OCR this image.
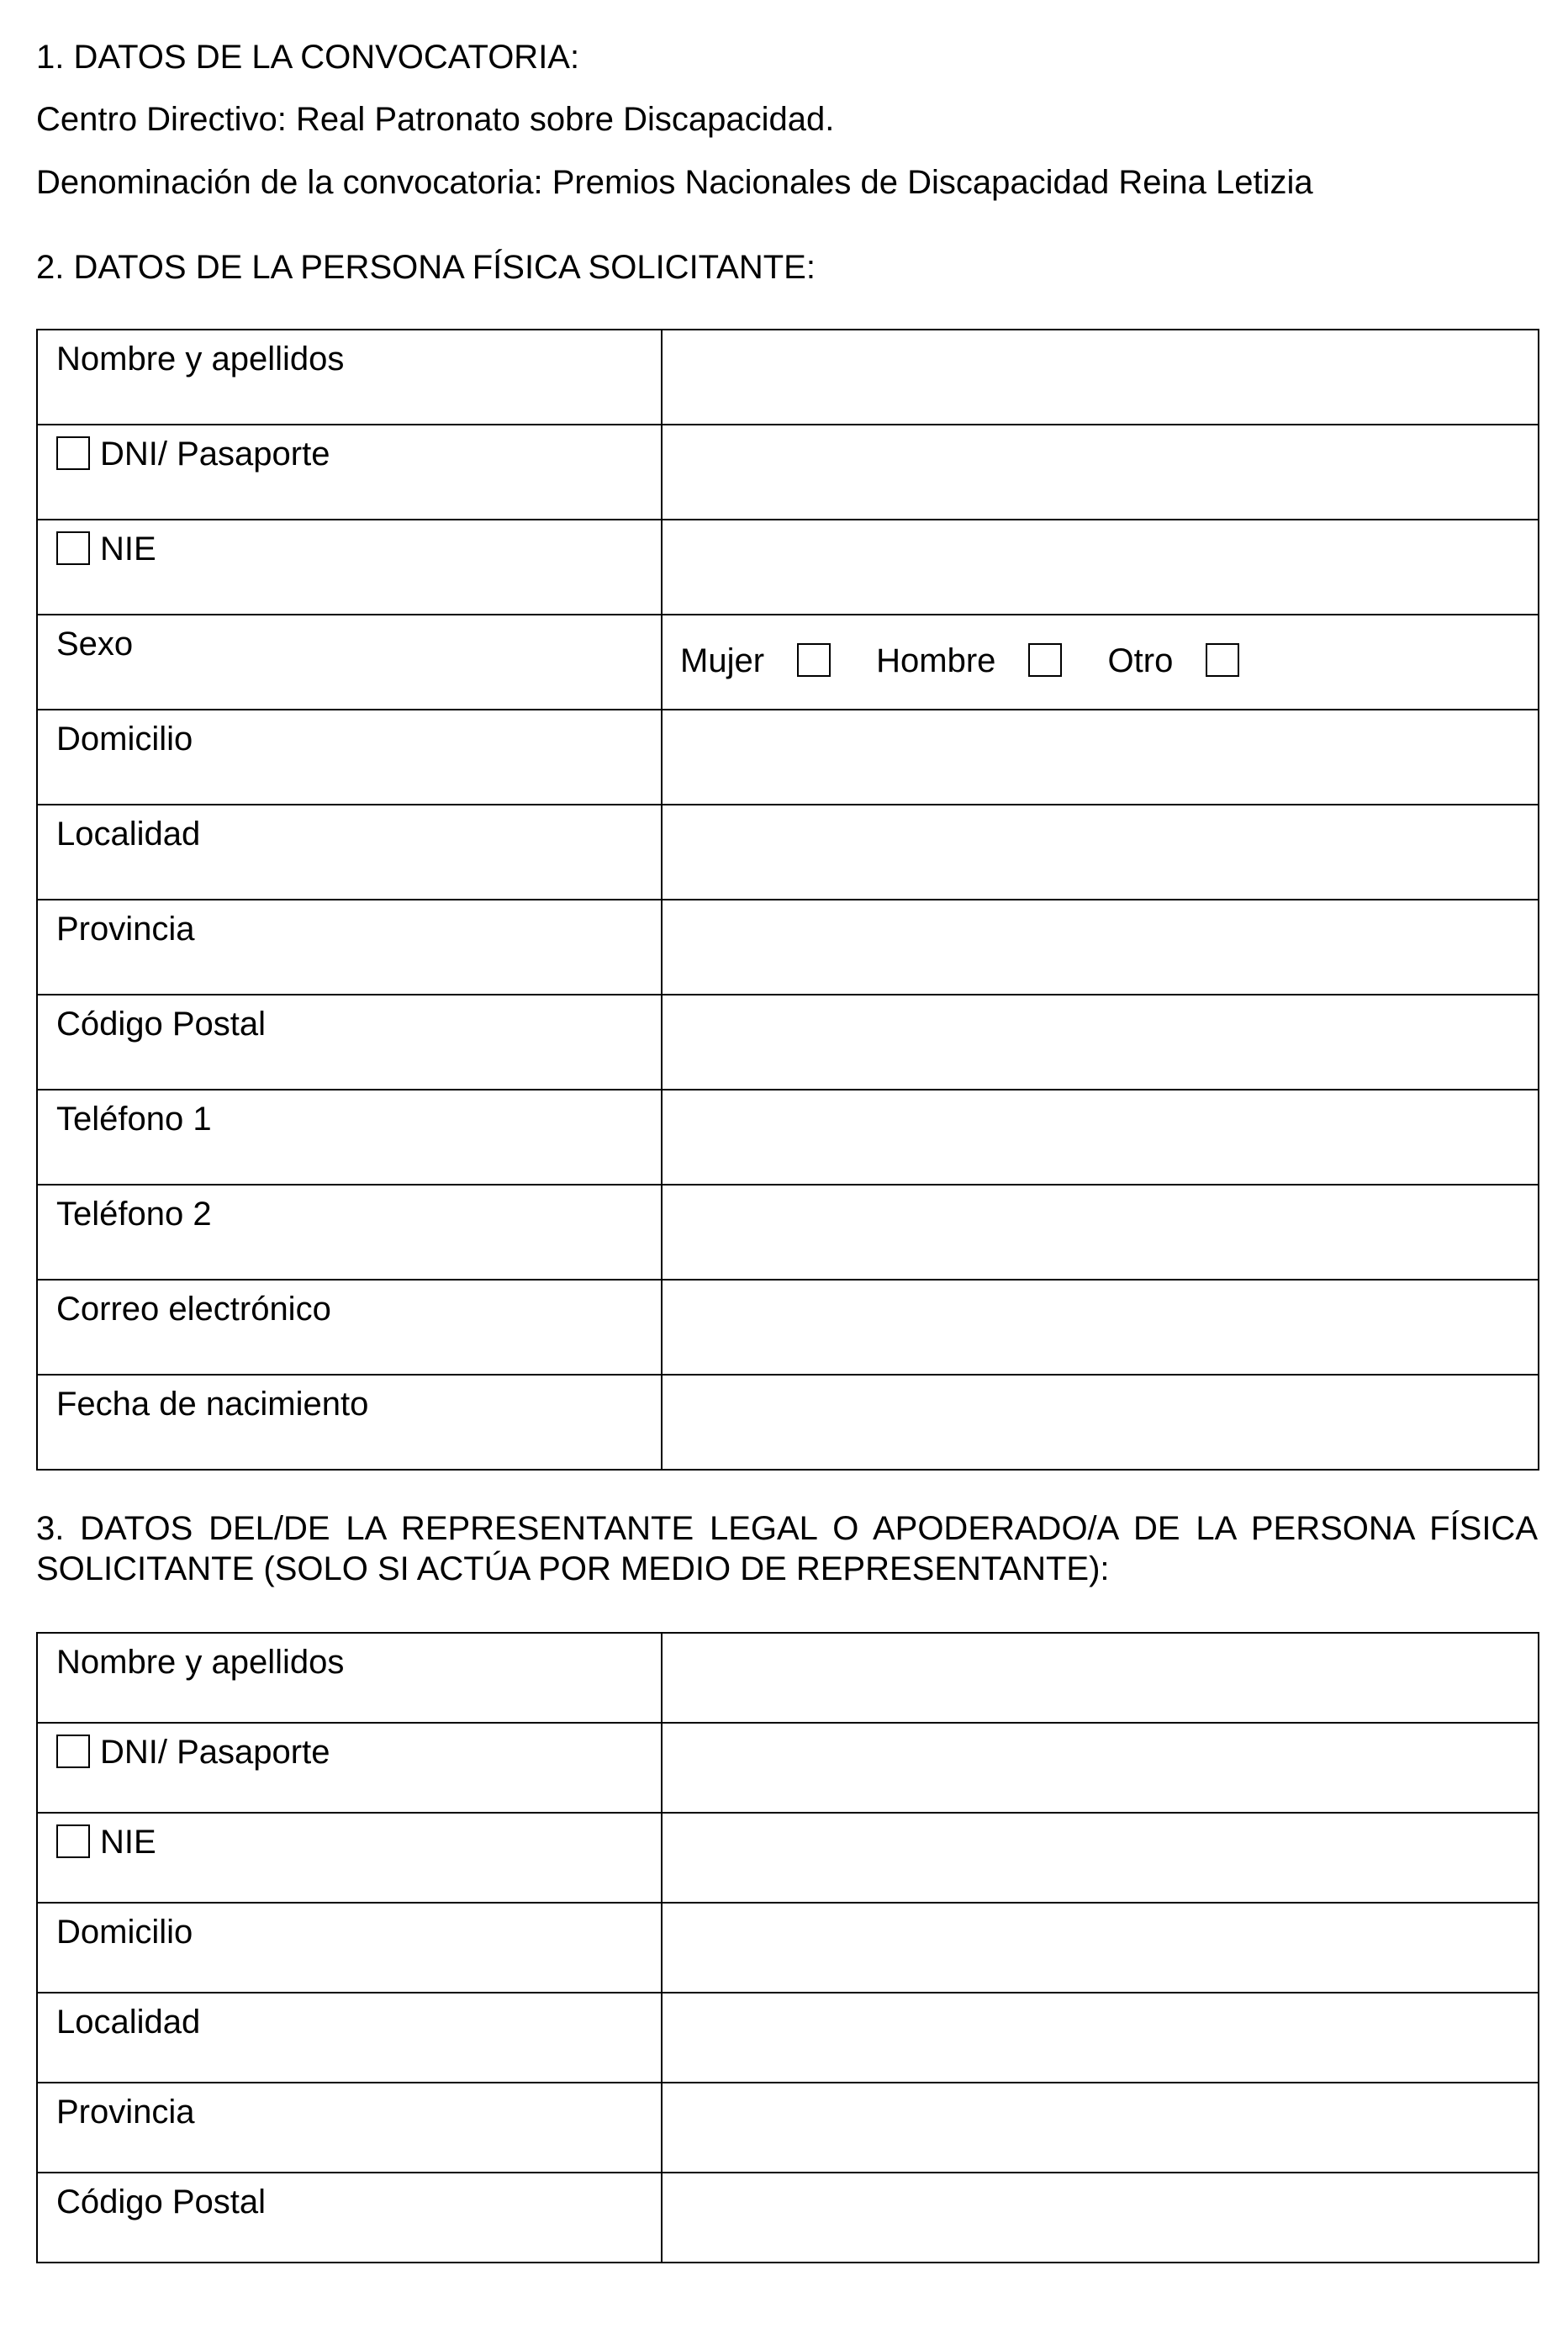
1. DATOS DE LA CONVOCATORIA:

Centro Directivo: Real Patronato sobre Discapacidad.

Denominación de la convocatoria: Premios Nacionales de Discapacidad Reina Letizia

2. DATOS DE LA PERSONA FÍSICA SOLICITANTE:

Nombre y apellidos	
DNI/ Pasaporte	
NIE	
Sexo	Mujer Hombre Otro

Domicilio	
Localidad	
Provincia	
Código Postal	
Teléfono 1	
Teléfono 2	
Correo electrónico	
Fecha de nacimiento	

3. DATOS DEL/DE LA REPRESENTANTE LEGAL O APODERADO/A DE LA PERSONA FÍSICA SOLICITANTE (SOLO SI ACTÚA POR MEDIO DE REPRESENTANTE):

Nombre y apellidos	
DNI/ Pasaporte	
NIE	
Domicilio	
Localidad	
Provincia	
Código Postal	
